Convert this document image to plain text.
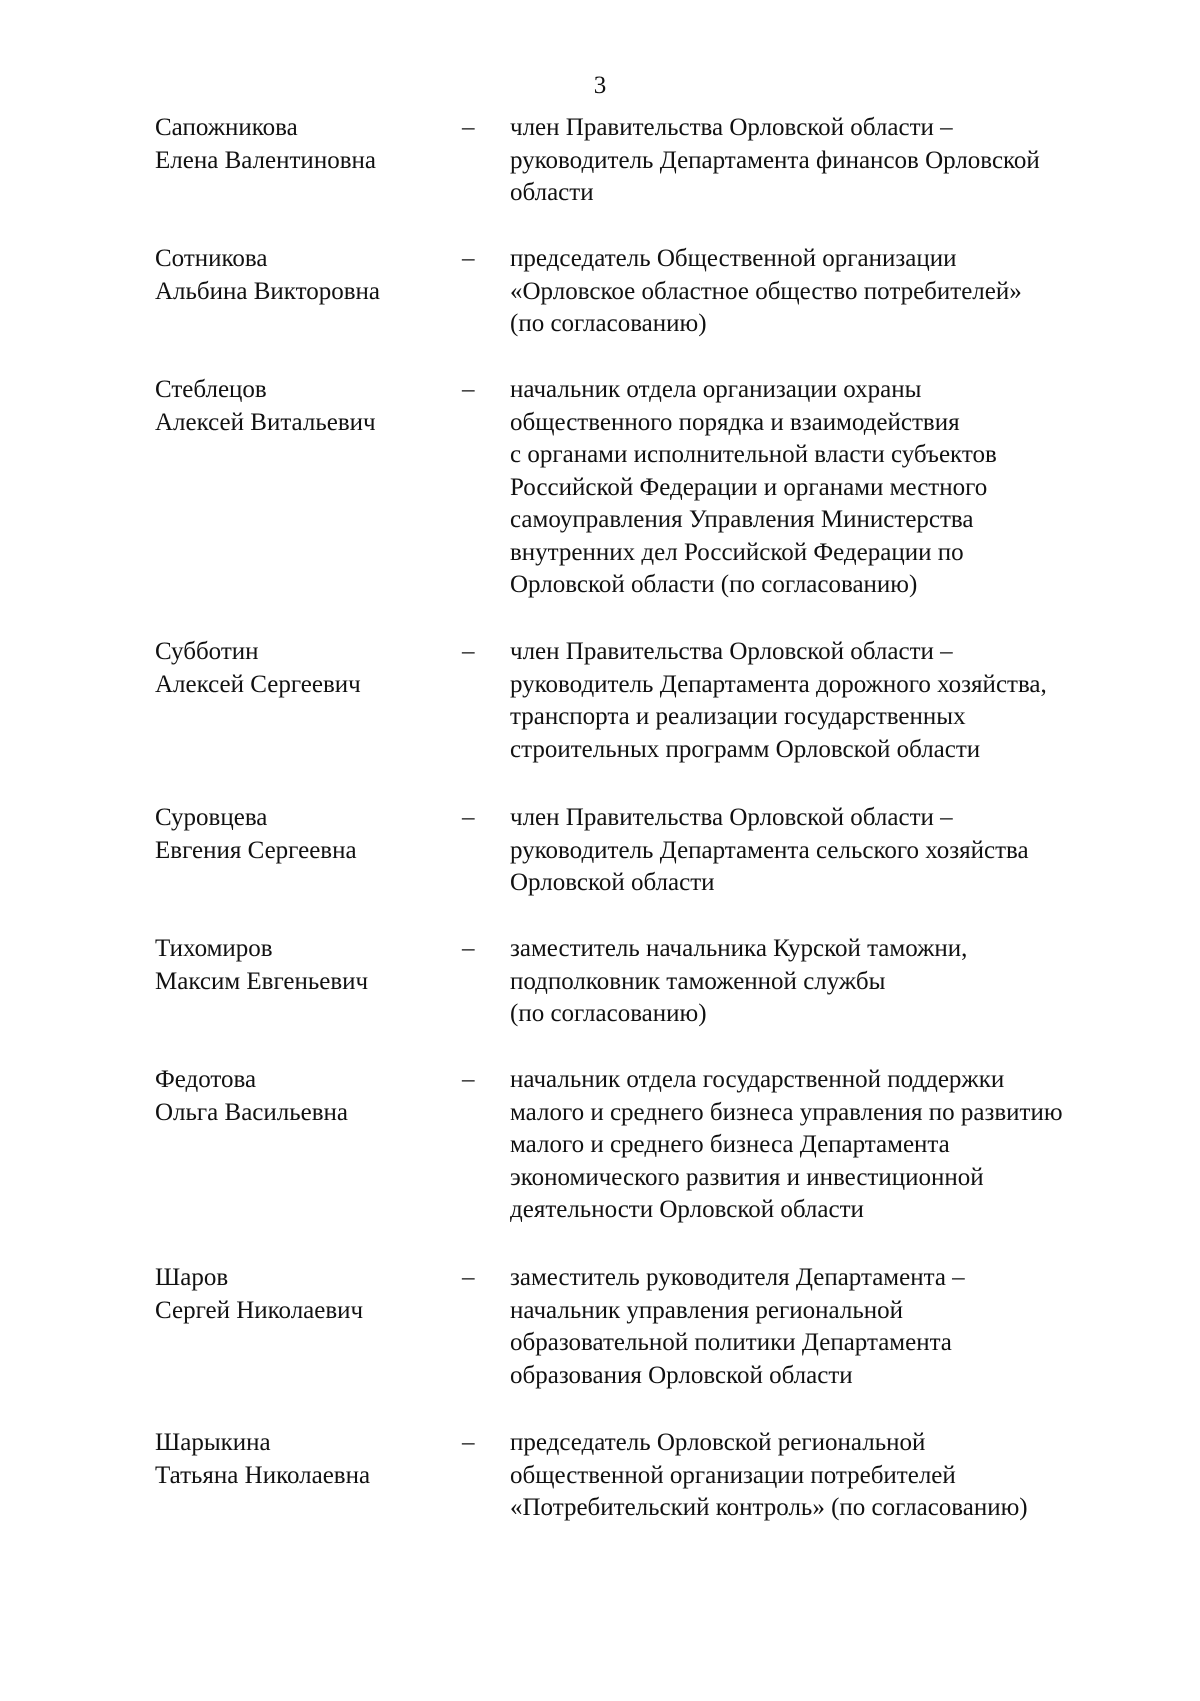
3
Сапожникова
Елена Валентиновна
– член Правительства Орловской области –
руководитель Департамента финансов Орловской
области
Сотникова
Альбина Викторовна
– председатель Общественной организации
«Орловское областное общество потребителей»
(по согласованию)
Стеблецов
Алексей Витальевич
– начальник отдела организации охраны
общественного порядка и взаимодействия
с органами исполнительной власти субъектов
Российской Федерации и органами местного
самоуправления Управления Министерства
внутренних дел Российской Федерации по
Орловской области (по согласованию)
Субботин
Алексей Сергеевич
– член Правительства Орловской области –
руководитель Департамента дорожного хозяйства,
транспорта и реализации государственных
строительных программ Орловской области
Суровцева
Евгения Сергеевна
– член Правительства Орловской области –
руководитель Департамента сельского хозяйства
Орловской области
Тихомиров
Максим Евгеньевич
– заместитель начальника Курской таможни,
подполковник таможенной службы
(по согласованию)
Федотова
Ольга Васильевна
– начальник отдела государственной поддержки
малого и среднего бизнеса управления по развитию
малого и среднего бизнеса Департамента
экономического развития и инвестиционной
деятельности Орловской области
Шаров
Сергей Николаевич
– заместитель руководителя Департамента –
начальник управления региональной
образовательной политики Департамента
образования Орловской области
Шарыкина
Татьяна Николаевна
– председатель Орловской региональной
общественной организации потребителей
«Потребительский контроль» (по согласованию)
